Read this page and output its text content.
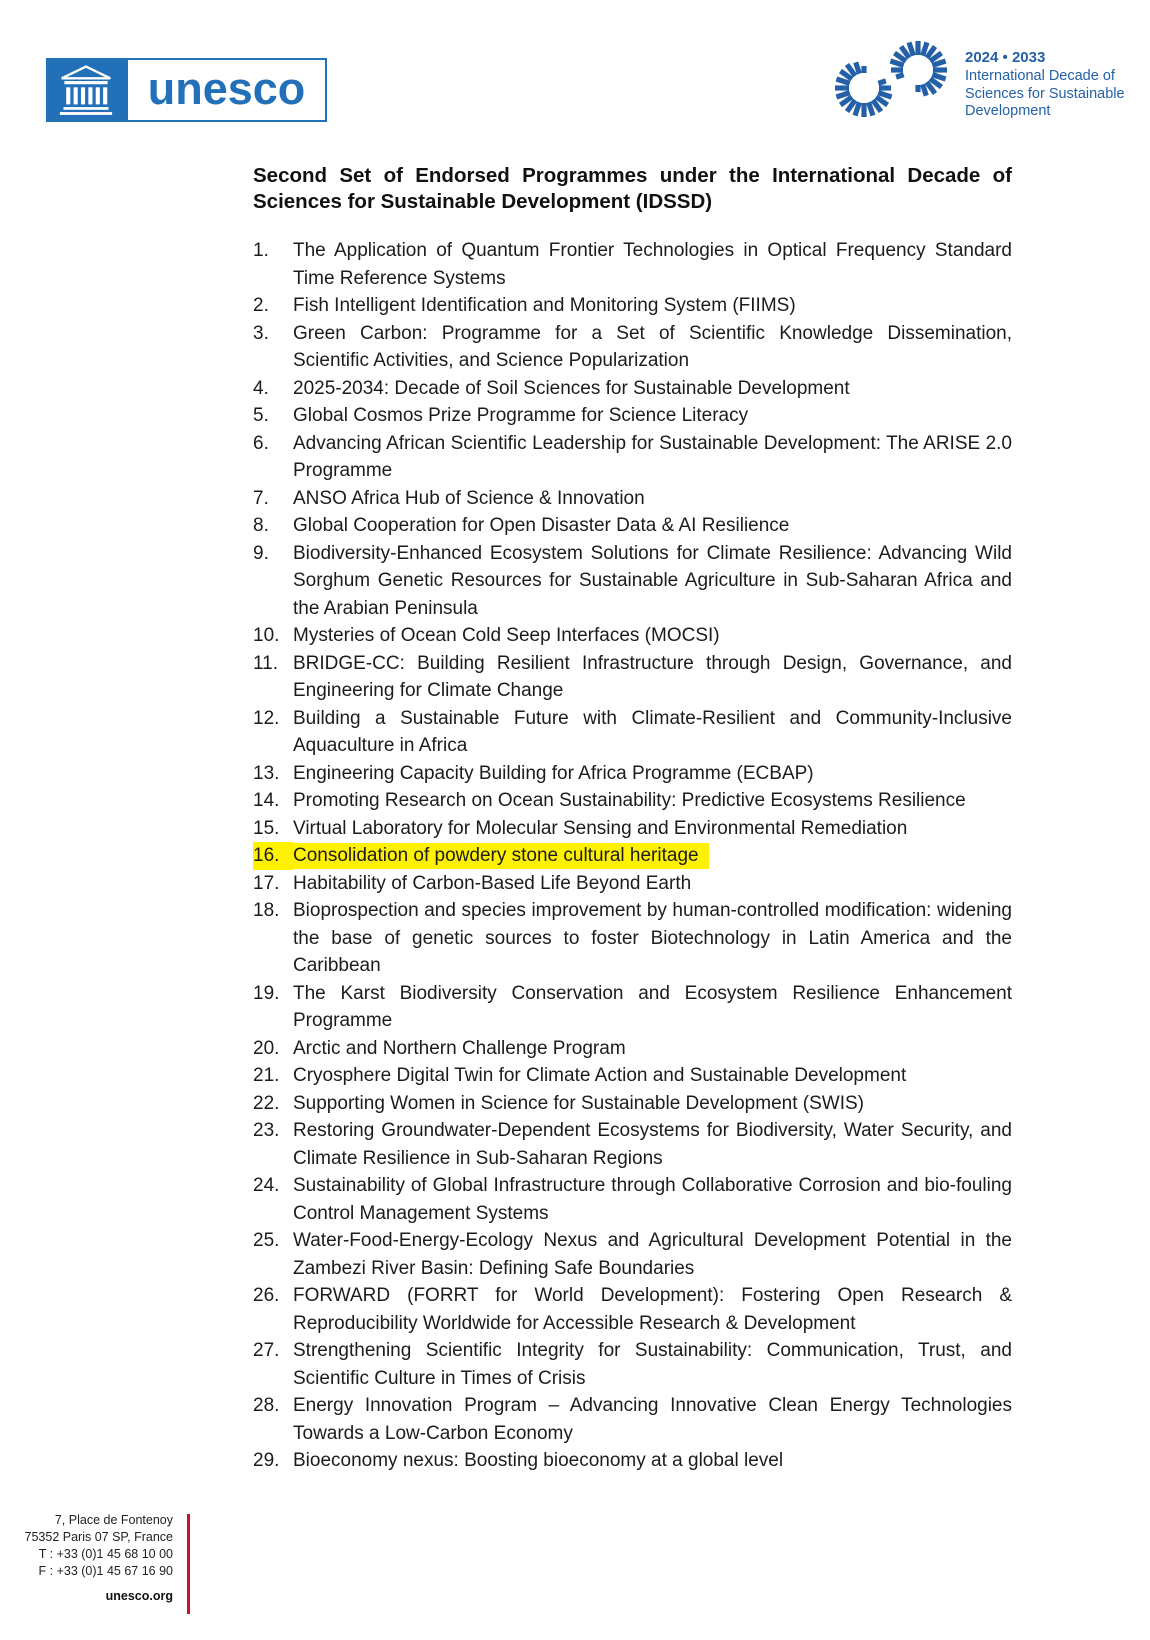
unesco
2024 • 2033
International Decade of
Sciences for Sustainable
Development
Second Set of Endorsed Programmes under the International Decade of Sciences for Sustainable Development (IDSSD)
1.	The Application of Quantum Frontier Technologies in Optical Frequency Standard Time Reference Systems
2.	Fish Intelligent Identification and Monitoring System (FIIMS)
3.	Green Carbon: Programme for a Set of Scientific Knowledge Dissemination, Scientific Activities, and Science Popularization
4.	2025-2034: Decade of Soil Sciences for Sustainable Development
5.	Global Cosmos Prize Programme for Science Literacy
6.	Advancing African Scientific Leadership for Sustainable Development: The ARISE 2.0 Programme
7.	ANSO Africa Hub of Science & Innovation
8.	Global Cooperation for Open Disaster Data & AI Resilience
9.	Biodiversity-Enhanced Ecosystem Solutions for Climate Resilience: Advancing Wild Sorghum Genetic Resources for Sustainable Agriculture in Sub-Saharan Africa and the Arabian Peninsula
10. Mysteries of Ocean Cold Seep Interfaces (MOCSI)
11. BRIDGE-CC: Building Resilient Infrastructure through Design, Governance, and Engineering for Climate Change
12. Building a Sustainable Future with Climate-Resilient and Community-Inclusive Aquaculture in Africa
13. Engineering Capacity Building for Africa Programme (ECBAP)
14. Promoting Research on Ocean Sustainability: Predictive Ecosystems Resilience
15. Virtual Laboratory for Molecular Sensing and Environmental Remediation
16. Consolidation of powdery stone cultural heritage
17. Habitability of Carbon-Based Life Beyond Earth
18. Bioprospection and species improvement by human-controlled modification: widening the base of genetic sources to foster Biotechnology in Latin America and the Caribbean
19. The Karst Biodiversity Conservation and Ecosystem Resilience Enhancement Programme
20. Arctic and Northern Challenge Program
21. Cryosphere Digital Twin for Climate Action and Sustainable Development
22. Supporting Women in Science for Sustainable Development (SWIS)
23. Restoring Groundwater-Dependent Ecosystems for Biodiversity, Water Security, and Climate Resilience in Sub-Saharan Regions
24. Sustainability of Global Infrastructure through Collaborative Corrosion and bio-fouling Control Management Systems
25. Water-Food-Energy-Ecology Nexus and Agricultural Development Potential in the Zambezi River Basin: Defining Safe Boundaries
26. FORWARD (FORRT for World Development): Fostering Open Research & Reproducibility Worldwide for Accessible Research & Development
27. Strengthening Scientific Integrity for Sustainability: Communication, Trust, and Scientific Culture in Times of Crisis
28. Energy Innovation Program – Advancing Innovative Clean Energy Technologies Towards a Low-Carbon Economy
29. Bioeconomy nexus: Boosting bioeconomy at a global level
7, Place de Fontenoy
75352 Paris 07 SP, France
T : +33 (0)1 45 68 10 00
F : +33 (0)1 45 67 16 90
unesco.org
